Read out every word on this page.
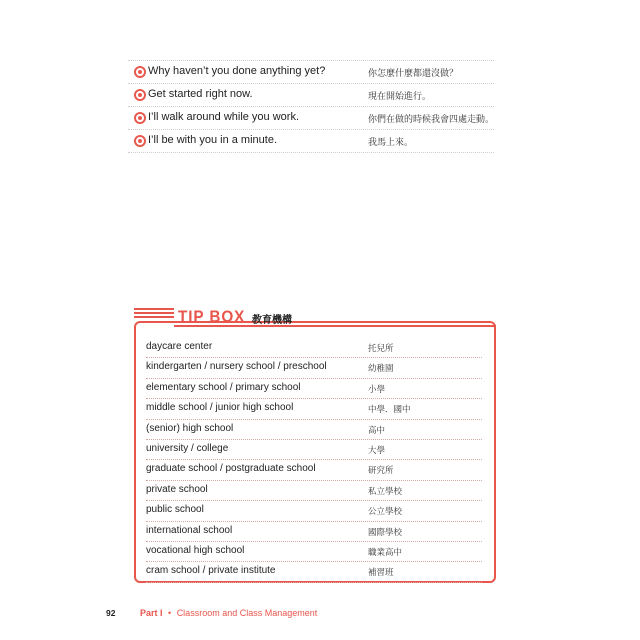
Why haven’t you done anything yet?	你怎麼什麼都還沒做？
Get started right now.	現在開始進行。
I’ll walk around while you work.	你們在做的時候我會四處走動。
I’ll be with you in a minute.	我馬上來。
TIP BOX 教育機構
daycare center	托兒所
kindergarten / nursery school / preschool	幼稚園
elementary school / primary school	小學
middle school / junior high school	中學．國中
(senior) high school	高中
university / college	大學
graduate school / postgraduate school	研究所
private school	私立學校
public school	公立學校
international school	國際學校
vocational high school	職業高中
cram school / private institute	補習班
92	Part I • Classroom and Class Management
